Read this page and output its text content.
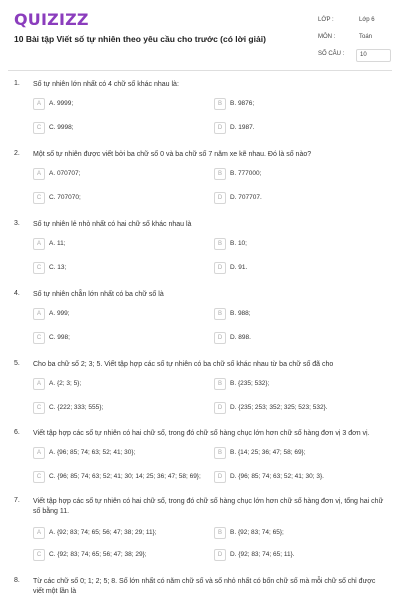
QUIZIZZ
10 Bài tập Viết số tự nhiên theo yêu cầu cho trước (có lời giải)
LỚP :	Lớp 6
MÔN :	Toán
SỐ CÂU :	10
1. Số tự nhiên lớn nhất có 4 chữ số khác nhau là:
A	A. 9999;	B	B. 9876;
C	C. 9998;	D	D. 1987.
2. Một số tự nhiên được viết bởi ba chữ số 0 và ba chữ số 7 năm xe kẽ nhau. Đó là số nào?
A	A. 070707;	B	B. 777000;
C	C. 707070;	D	D. 707707.
3. Số tự nhiên lẻ nhỏ nhất có hai chữ số khác nhau là
A	A. 11;	B	B. 10;
C	C. 13;	D	D. 91.
4. Số tự nhiên chẵn lớn nhất có ba chữ số là
A	A. 999;	B	B. 988;
C	C. 998;	D	D. 898.
5. Cho ba chữ số 2; 3; 5. Viết tập hợp các số tự nhiên có ba chữ số khác nhau từ ba chữ số đã cho
A	A. {2; 3; 5};	B	B. {235; 532};
C	C. {222; 333; 555};	D	D. {235; 253; 352; 325; 523; 532}.
6. Viết tập hợp các số tự nhiên có hai chữ số, trong đó chữ số hàng chục lớn hơn chữ số hàng đơn vị 3 đơn vị.
A	A. {96; 85; 74; 63; 52; 41; 30};	B	B. {14; 25; 36; 47; 58; 69};
C	C. {96; 85; 74; 63; 52; 41; 30; 14; 25; 36; 47; 58; 69};	D	D. {96; 85; 74; 63; 52; 41; 30; 3}.
7. Viết tập hợp các số tự nhiên có hai chữ số, trong đó chữ số hàng chục lớn hơn chữ số hàng đơn vị, tổng hai chữ số bằng 11.
A	A. {92; 83; 74; 65; 56; 47; 38; 29; 11};	B	B. {92; 83; 74; 65};
C	C. {92; 83; 74; 65; 56; 47; 38; 29};	D	D. {92; 83; 74; 65; 11}.
8. Từ các chữ số 0; 1; 2; 5; 8. Số lớn nhất có năm chữ số và số nhỏ nhất có bốn chữ số mà mỗi chữ số chỉ được viết một lần là
